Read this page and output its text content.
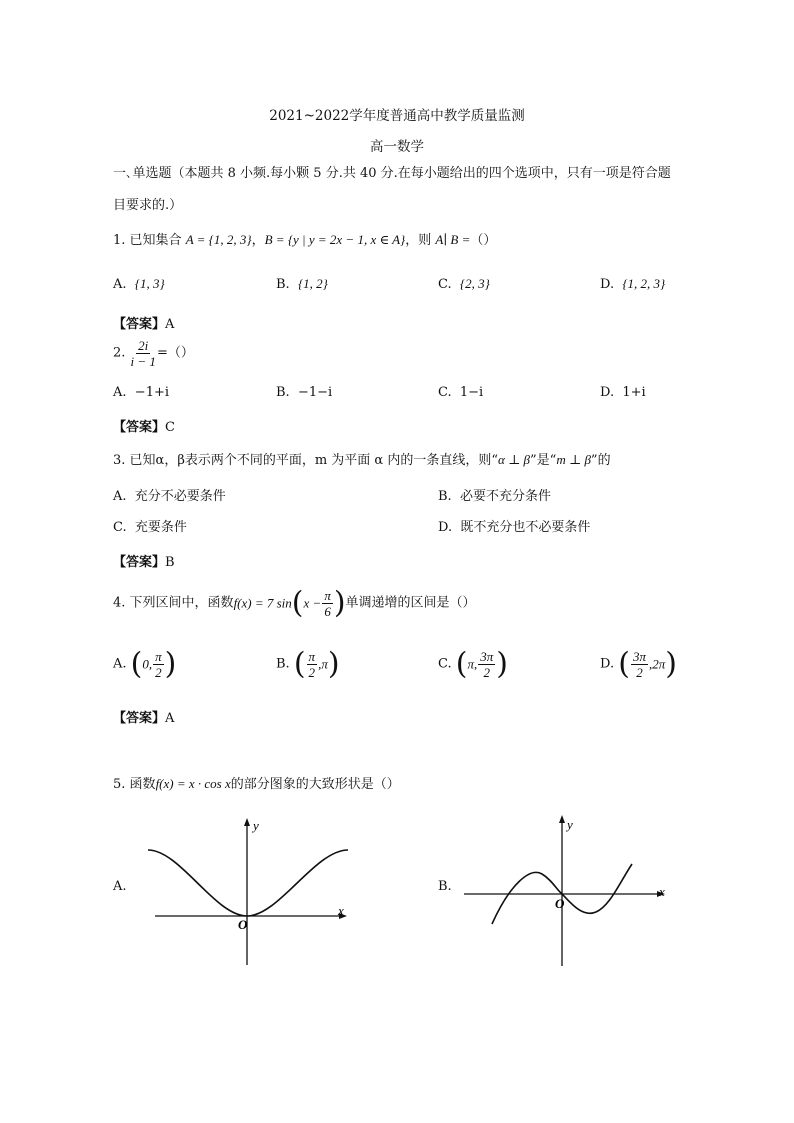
2021~2022学年度普通高中教学质量监测
高一数学
一､单选题（本题共 8 小频.每小颗 5 分.共 40 分.在每小题给出的四个选项中，只有一项是符合题
目要求的.）
1. 已知集合 A = {1, 2, 3}，B = {y | y = 2x − 1, x ∈ A}，则 A∣ B =（）
A. {1, 3}	B. {1, 2}	C. {2, 3}	D. {1, 2, 3}
【答案】A
2. $\frac{2i}{i - 1}$ =（）
A. −1+i	B. −1−i	C. 1−i	D. 1+i
【答案】C
3. 已知α，β表示两个不同的平面，m 为平面 α 内的一条直线，则“α ⊥ β”是“m ⊥ β”的
A. 充分不必要条件	B. 必要不充分条件
C. 充要条件	D. 既不充分也不必要条件
【答案】B
4. 下列区间中，函数f(x) = 7 $\sin(x - \frac{\pi}{6}$ )单调递增的区间是（）
A. (0, $\frac{\pi}{2}$ )	B. ( $\frac{\pi}{2} ,\pi$)	C. (π, $\frac{3\pi}{2}$ )	D. ( $\frac{3\pi}{2} ,2\pi$)
【答案】A
5. 函数f(x) = x · cos x的部分图象的大致形状是（）
A.
y
x
O
B.
y
x
O
